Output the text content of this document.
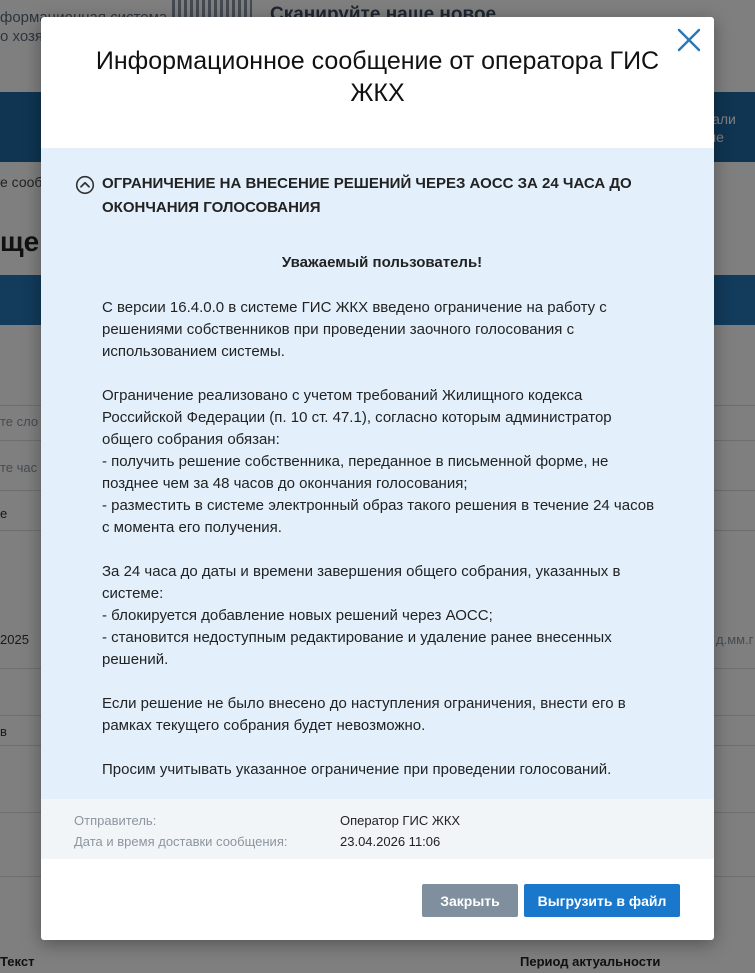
Информационное сообщение от оператора ГИС ЖКХ
ОГРАНИЧЕНИЕ НА ВНЕСЕНИЕ РЕШЕНИЙ ЧЕРЕЗ АОСС ЗА 24 ЧАСА ДО ОКОНЧАНИЯ ГОЛОСОВАНИЯ
Уважаемый пользователь!

С версии 16.4.0.0 в системе ГИС ЖКХ введено ограничение на работу с решениями собственников при проведении заочного голосования с использованием системы.

Ограничение реализовано с учетом требований Жилищного кодекса Российской Федерации (п. 10 ст. 47.1), согласно которым администратор общего собрания обязан:
- получить решение собственника, переданное в письменной форме, не позднее чем за 48 часов до окончания голосования;
- разместить в системе электронный образ такого решения в течение 24 часов с момента его получения.

За 24 часа до даты и времени завершения общего собрания, указанных в системе:
- блокируется добавление новых решений через АОСС;
- становится недоступным редактирование и удаление ранее внесенных решений.

Если решение не было внесено до наступления ограничения, внести его в рамках текущего собрания будет невозможно.

Просим учитывать указанное ограничение при проведении голосований.

Отправитель:	Оператор ГИС ЖКХ
Дата и время доставки сообщения:	23.04.2026 11:06
Закрыть	Выгрузить в файл
